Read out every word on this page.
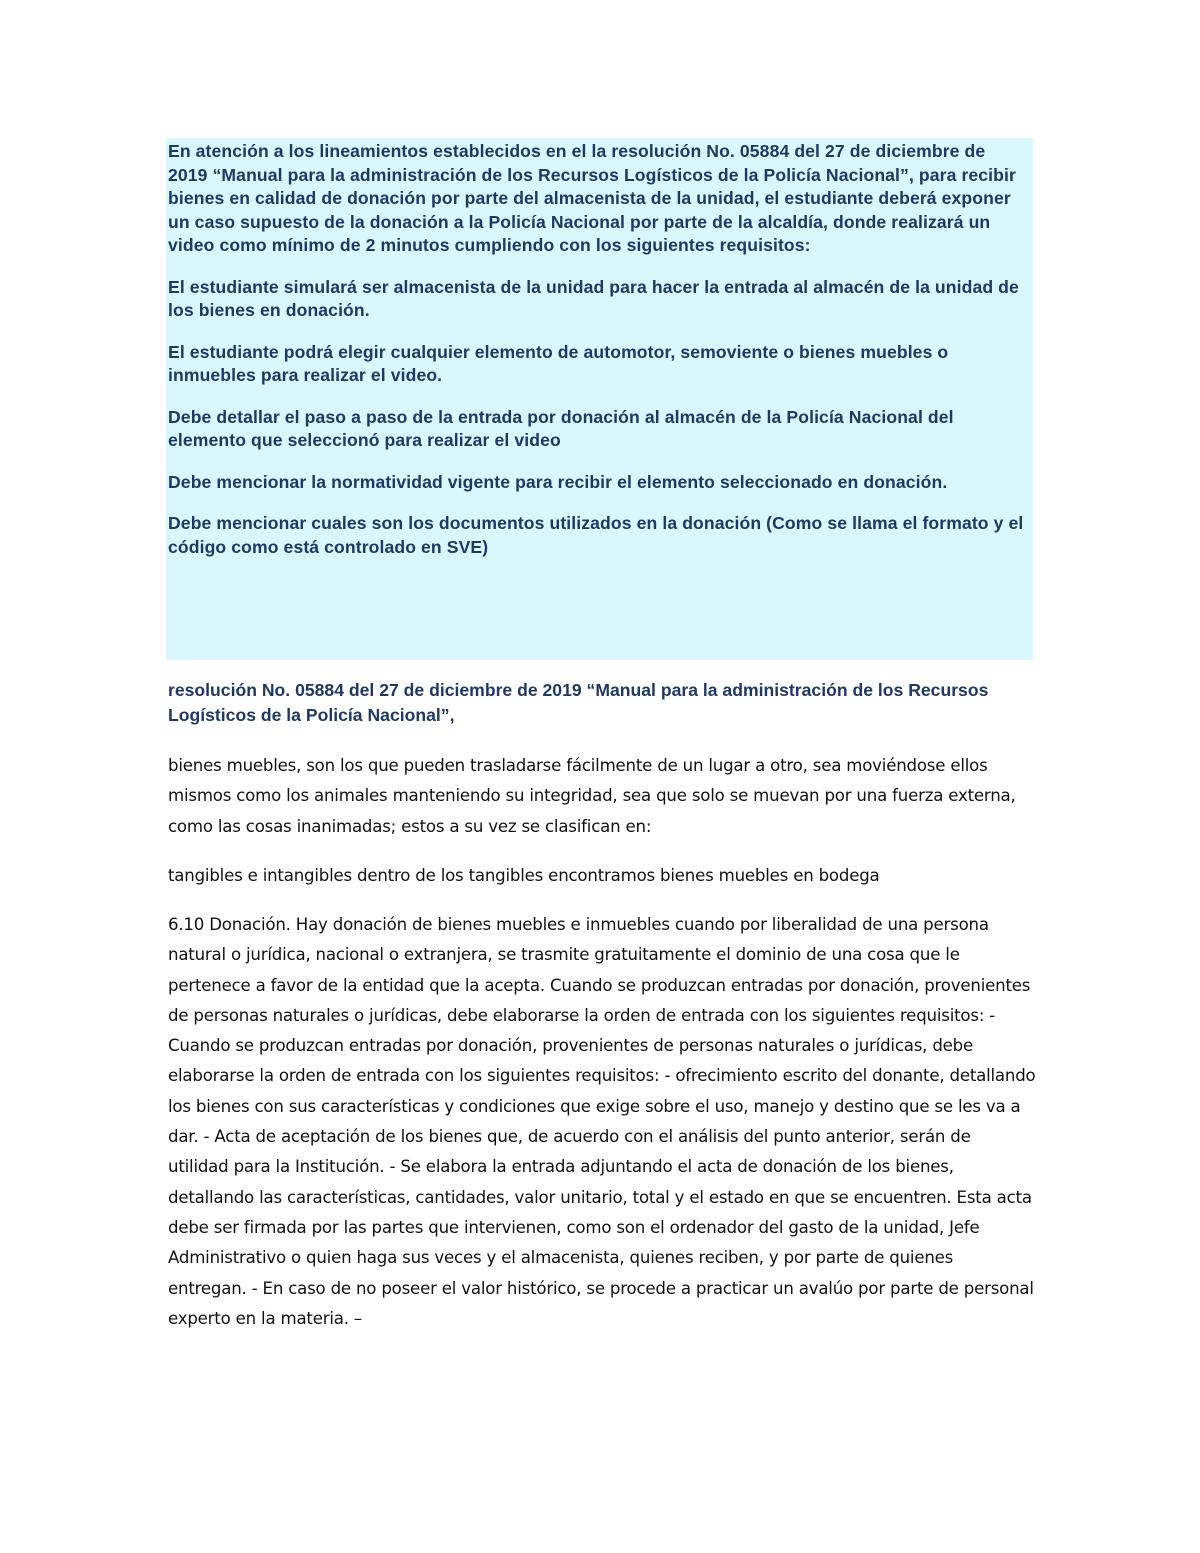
En atención a los lineamientos establecidos en el la resolución No. 05884 del 27 de diciembre de 2019 “Manual para la administración de los Recursos Logísticos de la Policía Nacional”, para recibir bienes en calidad de donación por parte del almacenista de la unidad, el estudiante deberá exponer un caso supuesto de la donación a la Policía Nacional por parte de la alcaldía, donde realizará un video como mínimo de 2 minutos cumpliendo con los siguientes requisitos:

El estudiante simulará ser almacenista de la unidad para hacer la entrada al almacén de la unidad de los bienes en donación.

El estudiante podrá elegir cualquier elemento de automotor, semoviente o bienes muebles o inmuebles para realizar el video.

Debe detallar el paso a paso de la entrada por donación al almacén de la Policía Nacional del elemento que seleccionó para realizar el video

Debe mencionar la normatividad vigente para recibir el elemento seleccionado en donación.

Debe mencionar cuales son los documentos utilizados en la donación (Como se llama el formato y el código como está controlado en SVE)

resolución No. 05884 del 27 de diciembre de 2019 “Manual para la administración de los Recursos Logísticos de la Policía Nacional”,

bienes muebles, son los que pueden trasladarse fácilmente de un lugar a otro, sea moviéndose ellos mismos como los animales manteniendo su integridad, sea que solo se muevan por una fuerza externa, como las cosas inanimadas; estos a su vez se clasifican en:

tangibles e intangibles dentro de los tangibles encontramos bienes muebles en bodega

6.10 Donación. Hay donación de bienes muebles e inmuebles cuando por liberalidad de una persona natural o jurídica, nacional o extranjera, se trasmite gratuitamente el dominio de una cosa que le pertenece a favor de la entidad que la acepta. Cuando se produzcan entradas por donación, provenientes de personas naturales o jurídicas, debe elaborarse la orden de entrada con los siguientes requisitos: - Cuando se produzcan entradas por donación, provenientes de personas naturales o jurídicas, debe elaborarse la orden de entrada con los siguientes requisitos: - ofrecimiento escrito del donante, detallando los bienes con sus características y condiciones que exige sobre el uso, manejo y destino que se les va a dar. - Acta de aceptación de los bienes que, de acuerdo con el análisis del punto anterior, serán de utilidad para la Institución. - Se elabora la entrada adjuntando el acta de donación de los bienes, detallando las características, cantidades, valor unitario, total y el estado en que se encuentren. Esta acta debe ser firmada por las partes que intervienen, como son el ordenador del gasto de la unidad, Jefe Administrativo o quien haga sus veces y el almacenista, quienes reciben, y por parte de quienes entregan. - En caso de no poseer el valor histórico, se procede a practicar un avalúo por parte de personal experto en la materia. –
